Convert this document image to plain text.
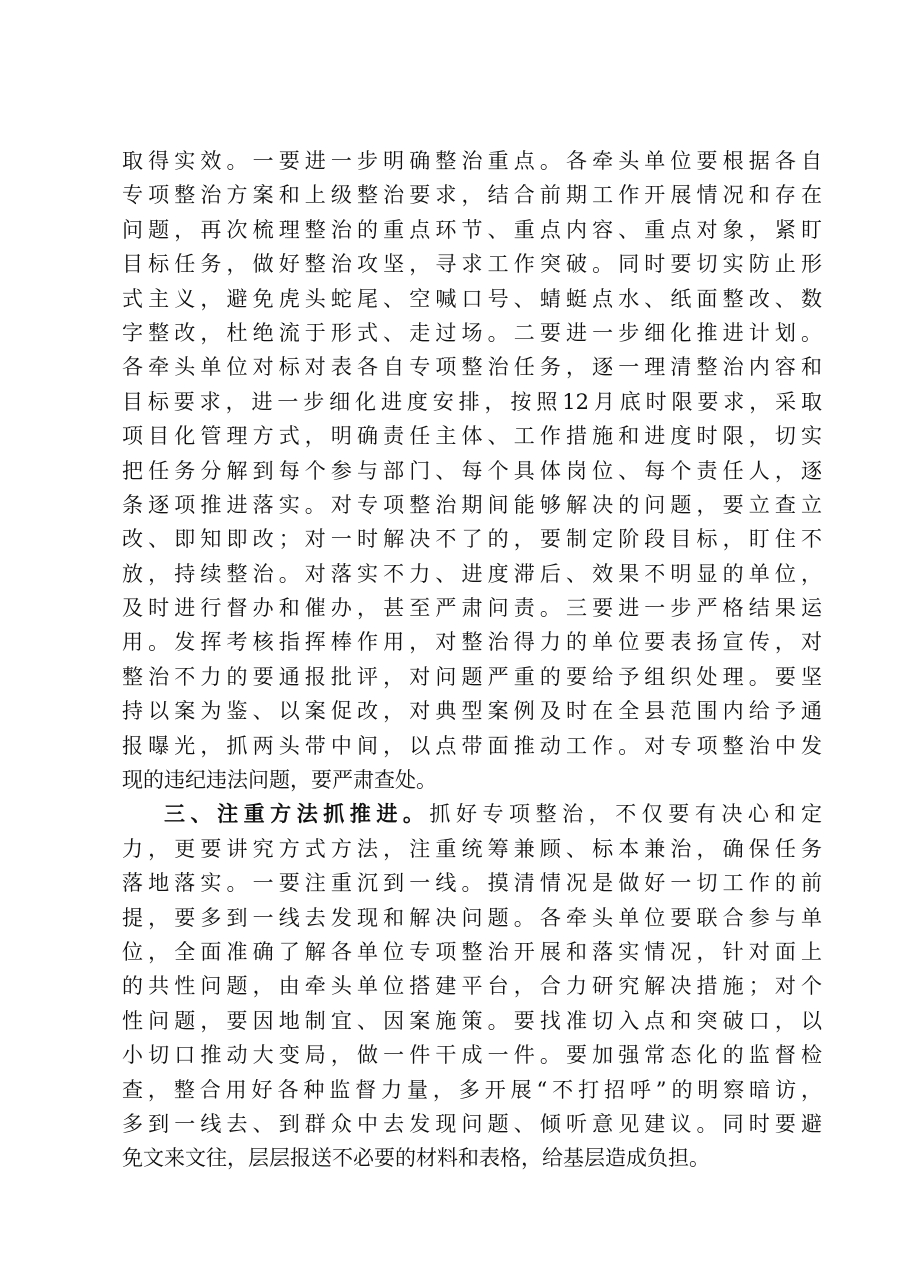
取得实效。一要进一步明确整治重点。各牵头单位要根据各自
专项整治方案和上级整治要求，结合前期工作开展情况和存在
问题，再次梳理整治的重点环节、重点内容、重点对象，紧盯
目标任务，做好整治攻坚，寻求工作突破。同时要切实防止形
式主义，避免虎头蛇尾、空喊口号、蜻蜓点水、纸面整改、数
字整改，杜绝流于形式、走过场。二要进一步细化推进计划。
各牵头单位对标对表各自专项整治任务，逐一理清整治内容和
目标要求，进一步细化进度安排，按照12月底时限要求，采取
项目化管理方式，明确责任主体、工作措施和进度时限，切实
把任务分解到每个参与部门、每个具体岗位、每个责任人，逐
条逐项推进落实。对专项整治期间能够解决的问题，要立查立
改、即知即改；对一时解决不了的，要制定阶段目标，盯住不
放，持续整治。对落实不力、进度滞后、效果不明显的单位，
及时进行督办和催办，甚至严肃问责。三要进一步严格结果运
用。发挥考核指挥棒作用，对整治得力的单位要表扬宣传，对
整治不力的要通报批评，对问题严重的要给予组织处理。要坚
持以案为鉴、以案促改，对典型案例及时在全县范围内给予通
报曝光，抓两头带中间，以点带面推动工作。对专项整治中发
现的违纪违法问题，要严肃查处。
三、注重方法抓推进。抓好专项整治，不仅要有决心和定
力，更要讲究方式方法，注重统筹兼顾、标本兼治，确保任务
落地落实。一要注重沉到一线。摸清情况是做好一切工作的前
提，要多到一线去发现和解决问题。各牵头单位要联合参与单
位，全面准确了解各单位专项整治开展和落实情况，针对面上
的共性问题，由牵头单位搭建平台，合力研究解决措施；对个
性问题，要因地制宜、因案施策。要找准切入点和突破口，以
小切口推动大变局，做一件干成一件。要加强常态化的监督检
查，整合用好各种监督力量，多开展“不打招呼”的明察暗访，
多到一线去、到群众中去发现问题、倾听意见建议。同时要避
免文来文往，层层报送不必要的材料和表格，给基层造成负担。
